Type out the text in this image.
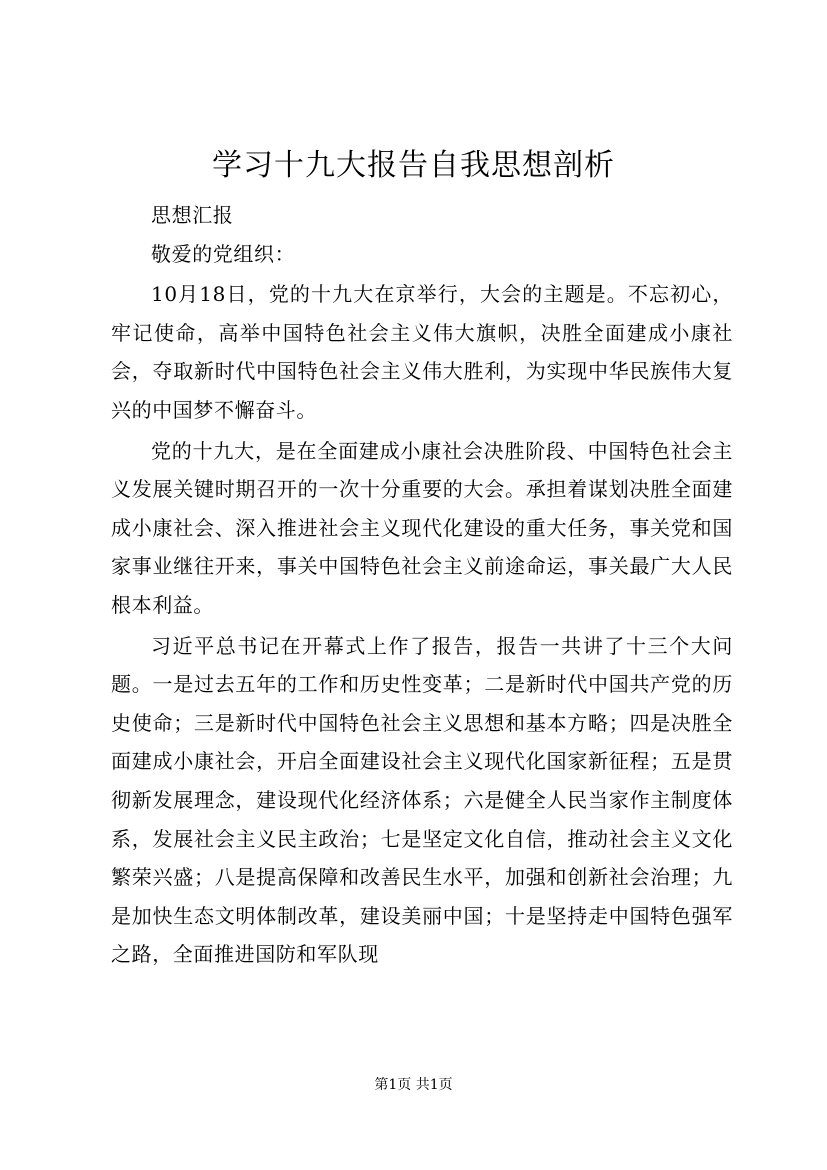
学习十九大报告自我思想剖析

思想汇报

敬爱的党组织：

10月18日，党的十九大在京举行，大会的主题是。不忘初心，牢记使命，高举中国特色社会主义伟大旗帜，决胜全面建成小康社会，夺取新时代中国特色社会主义伟大胜利，为实现中华民族伟大复兴的中国梦不懈奋斗。

党的十九大，是在全面建成小康社会决胜阶段、中国特色社会主义发展关键时期召开的一次十分重要的大会。承担着谋划决胜全面建成小康社会、深入推进社会主义现代化建设的重大任务，事关党和国家事业继往开来，事关中国特色社会主义前途命运，事关最广大人民根本利益。

习近平总书记在开幕式上作了报告，报告一共讲了十三个大问题。一是过去五年的工作和历史性变革；二是新时代中国共产党的历史使命；三是新时代中国特色社会主义思想和基本方略；四是决胜全面建成小康社会，开启全面建设社会主义现代化国家新征程；五是贯彻新发展理念，建设现代化经济体系；六是健全人民当家作主制度体系，发展社会主义民主政治；七是坚定文化自信，推动社会主义文化繁荣兴盛；八是提高保障和改善民生水平，加强和创新社会治理；九是加快生态文明体制改革，建设美丽中国；十是坚持走中国特色强军之路，全面推进国防和军队现

第1页 共1页
